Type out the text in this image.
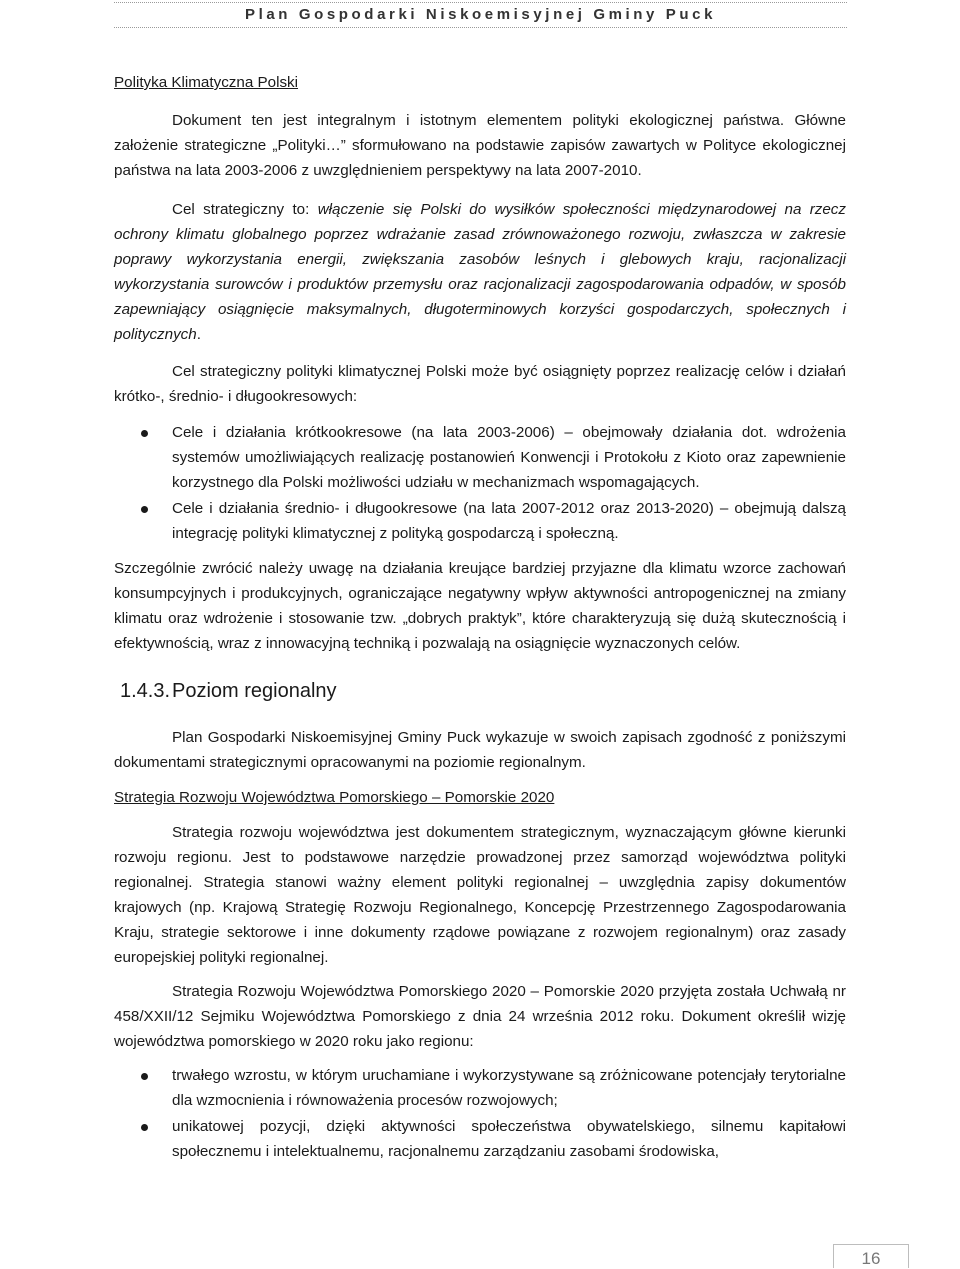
Plan Gospodarki Niskoemisyjnej Gminy Puck

Polityka Klimatyczna Polski

Dokument ten jest integralnym i istotnym elementem polityki ekologicznej państwa. Główne założenie strategiczne „Polityki…” sformułowano na podstawie zapisów zawartych w Polityce ekologicznej państwa na lata 2003-2006 z uwzględnieniem perspektywy na lata 2007-2010.

Cel strategiczny to: włączenie się Polski do wysiłków społeczności międzynarodowej na rzecz ochrony klimatu globalnego poprzez wdrażanie zasad zrównoważonego rozwoju, zwłaszcza w zakresie poprawy wykorzystania energii, zwiększania zasobów leśnych i glebowych kraju, racjonalizacji wykorzystania surowców i produktów przemysłu oraz racjonalizacji zagospodarowania odpadów, w sposób zapewniający osiągnięcie maksymalnych, długoterminowych korzyści gospodarczych, społecznych i politycznych.

Cel strategiczny polityki klimatycznej Polski może być osiągnięty poprzez realizację celów i działań krótko-, średnio- i długookresowych:

Cele i działania krótkookresowe (na lata 2003-2006) – obejmowały działania dot. wdrożenia systemów umożliwiających realizację postanowień Konwencji i Protokołu z Kioto oraz zapewnienie korzystnego dla Polski możliwości udziału w mechanizmach wspomagających.
Cele i działania średnio- i długookresowe (na lata 2007-2012 oraz 2013-2020) – obejmują dalszą integrację polityki klimatycznej z polityką gospodarczą i społeczną.

Szczególnie zwrócić należy uwagę na działania kreujące bardziej przyjazne dla klimatu wzorce zachowań konsumpcyjnych i produkcyjnych, ograniczające negatywny wpływ aktywności antropogenicznej na zmiany klimatu oraz wdrożenie i stosowanie tzw. „dobrych praktyk”, które charakteryzują się dużą skutecznością i efektywnością, wraz z innowacyjną techniką i pozwalają na osiągnięcie wyznaczonych celów.

1.4.3. Poziom regionalny

Plan Gospodarki Niskoemisyjnej Gminy Puck wykazuje w swoich zapisach zgodność z poniższymi dokumentami strategicznymi opracowanymi na poziomie regionalnym.

Strategia Rozwoju Województwa Pomorskiego – Pomorskie 2020

Strategia rozwoju województwa jest dokumentem strategicznym, wyznaczającym główne kierunki rozwoju regionu. Jest to podstawowe narzędzie prowadzonej przez samorząd województwa polityki regionalnej. Strategia stanowi ważny element polityki regionalnej – uwzględnia zapisy dokumentów krajowych (np. Krajową Strategię Rozwoju Regionalnego, Koncepcję Przestrzennego Zagospodarowania Kraju, strategie sektorowe i inne dokumenty rządowe powiązane z rozwojem regionalnym) oraz zasady europejskiej polityki regionalnej.

Strategia Rozwoju Województwa Pomorskiego 2020 – Pomorskie 2020 przyjęta została Uchwałą nr 458/XXII/12 Sejmiku Województwa Pomorskiego z dnia 24 września 2012 roku. Dokument określił wizję województwa pomorskiego w 2020 roku jako regionu:

trwałego wzrostu, w którym uruchamiane i wykorzystywane są zróżnicowane potencjały terytorialne dla wzmocnienia i równoważenia procesów rozwojowych;
unikatowej pozycji, dzięki aktywności społeczeństwa obywatelskiego, silnemu kapitałowi społecznemu i intelektualnemu, racjonalnemu zarządzaniu zasobami środowiska,
16
